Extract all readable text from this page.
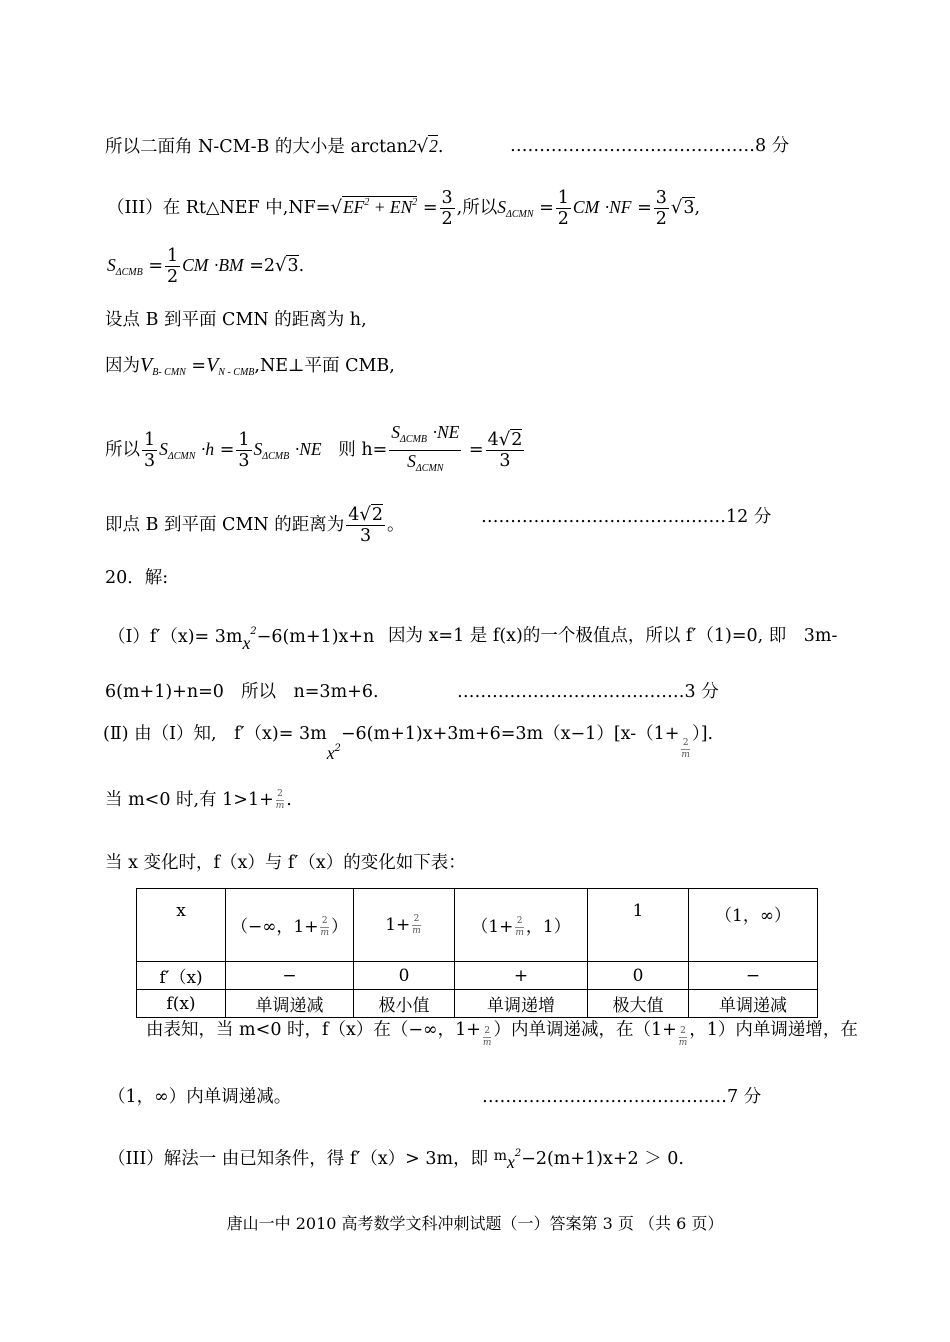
所以二面角 N-CM-B 的大小是 arctan2√2.	……………………………………8 分
（III）在 Rt△NEF 中$,NF=√EF^2 + EN^2 = \frac{3}{2}$ ,所以$S_{\Delta CMN} = \frac{1}{2}$ CM $\cdot NF = \frac{3}{2} √3$,
$S_{\Delta CMB} = \frac{1}{2}$ CM ·BM =2√3.
设点 B 到平面 CMN 的距离为 h,
因为$V_{B- CMN}$ $=V_{N - CMB},NE\perp$平面 CMB,
所以 $\frac{1}{3} S_{\Delta CMN} \cdot h = \frac{1}{3} S_{\Delta CMB} \cdot NE$ 则 $h= \frac{S_{\Delta CMB} \cdot NE}{S_{\Delta CMN}} = \frac{4√2}{3}$
即点 B 到平面 CMN 的距离为 $\frac{4√2}{3}$ 。	……………………………………12 分
20．解:
$(I)f'(x)= 3mx^2-6(m+1)x+n$ 因为 x=1 是 f(x)的一个极值点，所以 f′（1)=0, 即　3m-
6(m+1)+n=0 所以　n=3m+6.	…………………………………3 分
(Ⅱ) 由（I）知,　$f'(x)= 3mx_2-6(m+1)x+3m+6=3m(x-1)[x-(1+$
$\frac{2}{m}$
）].
当 m<0 时,有 $1>1+ \frac{2}{m}$ .
当 x 变化时，f（x）与 f′（x）的变化如下表：
x	（−∞，$1+ \frac{2}{m}$ ）	$1+ \frac{2}{m}$	（$1+ \frac{2}{m}$ ，1）	1	（1，∞）
f′（x)	−	0	+	0	−
f(x)	单调递减	极小值	单调递增	极大值	单调递减
由表知，当 m<0 时，f（x）在（−∞，$1+ \frac{2}{m}$ ）内单调递减，在（$1+ \frac{2}{m}$ ，1）内单调递增，在
（1，∞）内单调递减。	……………………………………7 分
（III）解法一 由已知条件，得 f′（x）> 3m，即 $^mx^2-2(m+1)x+2 > 0$.
唐山一中 2010 高考数学文科冲刺试题（一）答案第 3 页 （共 6 页）
